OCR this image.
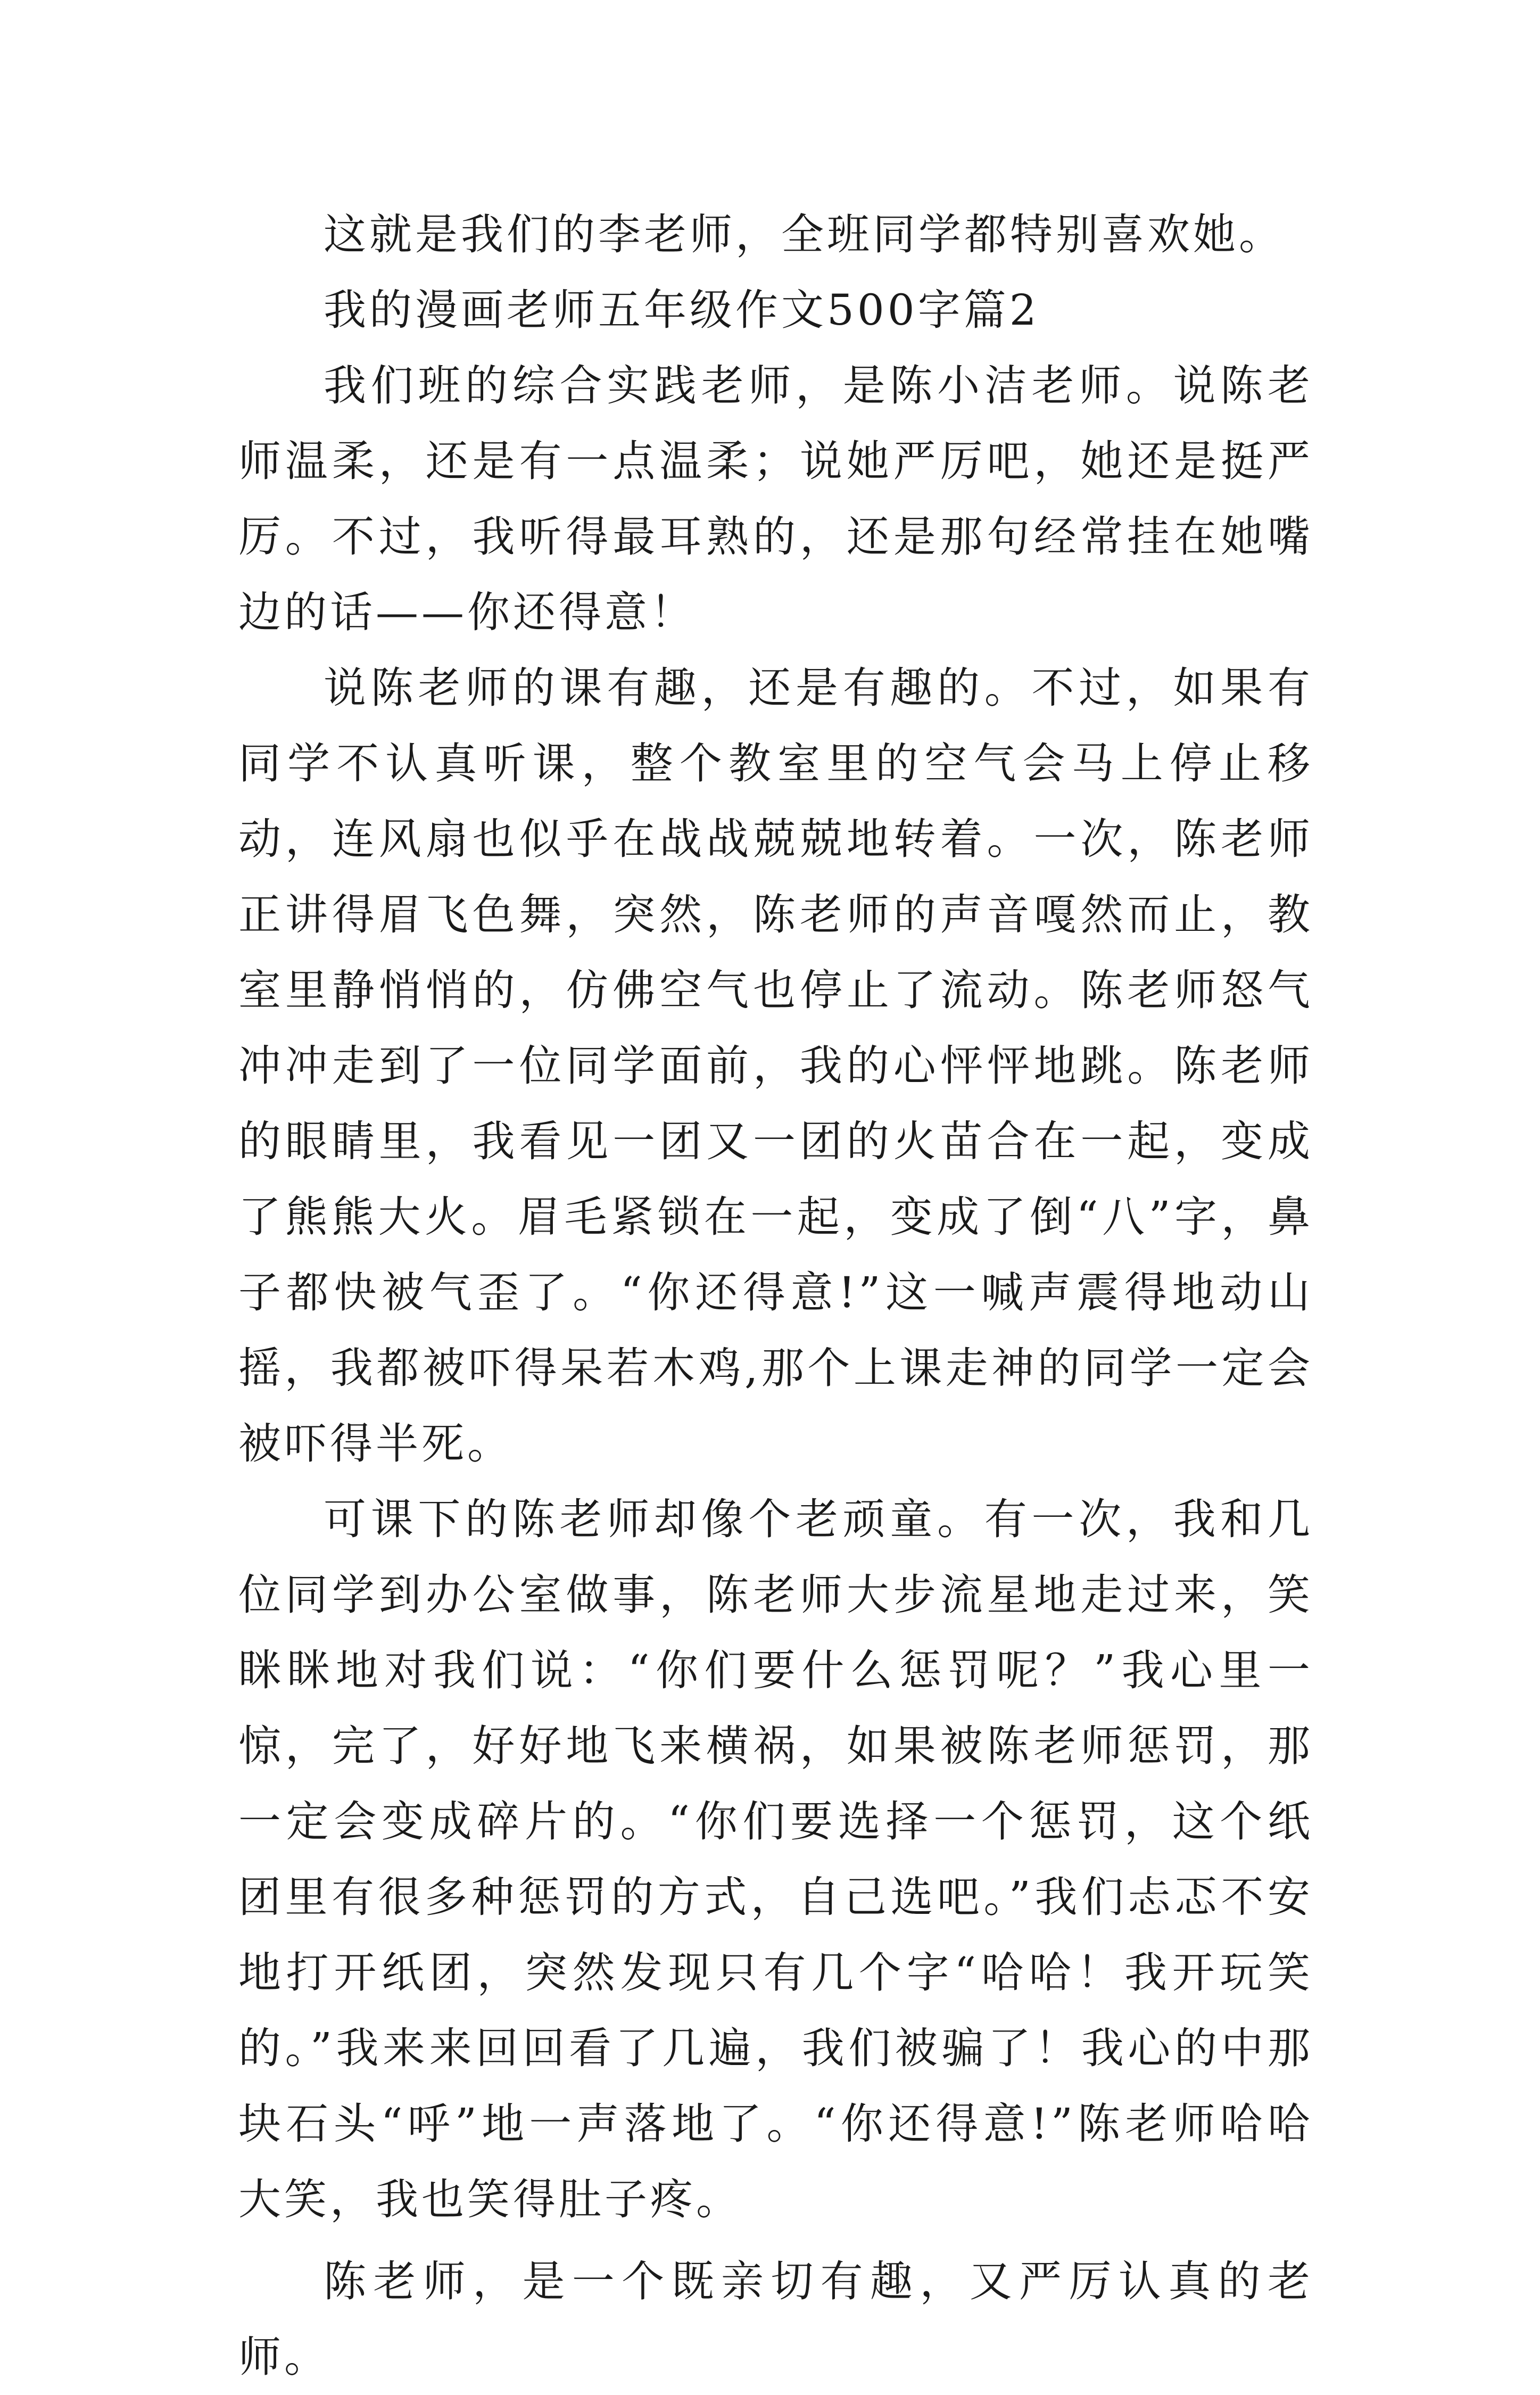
这就是我们的李老师，全班同学都特别喜欢她。

我的漫画老师五年级作文500字篇2

我们班的综合实践老师，是陈小洁老师。说陈老师温柔，还是有一点温柔；说她严厉吧，她还是挺严厉。不过，我听得最耳熟的，还是那句经常挂在她嘴边的话——你还得意！

说陈老师的课有趣，还是有趣的。不过，如果有同学不认真听课，整个教室里的空气会马上停止移动，连风扇也似乎在战战兢兢地转着。一次，陈老师正讲得眉飞色舞，突然，陈老师的声音嘎然而止，教室里静悄悄的，仿佛空气也停止了流动。陈老师怒气冲冲走到了一位同学面前，我的心怦怦地跳。陈老师的眼睛里，我看见一团又一团的火苗合在一起，变成了熊熊大火。眉毛紧锁在一起，变成了倒“八”字，鼻子都快被气歪了。“你还得意!”这一喊声震得地动山摇，我都被吓得呆若木鸡,那个上课走神的同学一定会被吓得半死。

可课下的陈老师却像个老顽童。有一次，我和几位同学到办公室做事，陈老师大步流星地走过来，笑眯眯地对我们说：“你们要什么惩罚呢？”我心里一惊，完了，好好地飞来横祸，如果被陈老师惩罚，那一定会变成碎片的。“你们要选择一个惩罚，这个纸团里有很多种惩罚的方式，自己选吧。”我们忐忑不安地打开纸团，突然发现只有几个字“哈哈！我开玩笑的。”我来来回回看了几遍，我们被骗了！我心的中那块石头“呼”地一声落地了。“你还得意!”陈老师哈哈大笑，我也笑得肚子疼。

陈老师，是一个既亲切有趣，又严厉认真的老师。
